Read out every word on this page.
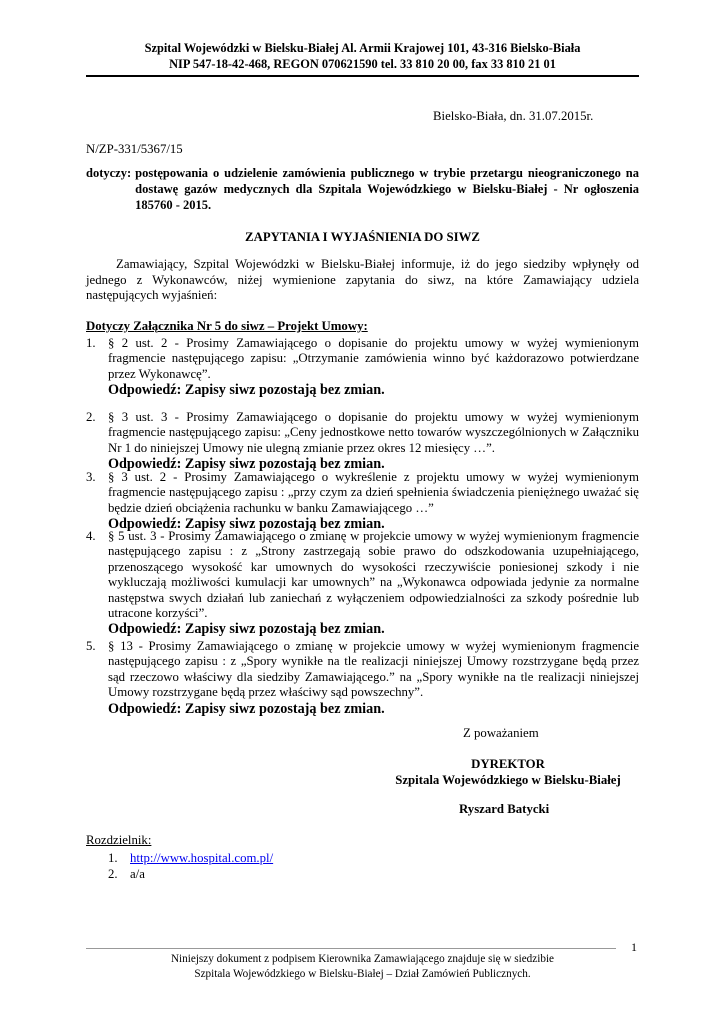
Szpital Wojewódzki w Bielsku-Białej Al. Armii Krajowej 101, 43-316 Bielsko-Biała
NIP 547-18-42-468, REGON 070621590 tel. 33 810 20 00, fax 33 810 21 01
Bielsko-Biała, dn. 31.07.2015r.
N/ZP-331/5367/15
dotyczy: postępowania o udzielenie zamówienia publicznego w trybie przetargu nieograniczonego na dostawę gazów medycznych dla Szpitala Wojewódzkiego w Bielsku-Białej - Nr ogłoszenia 185760 - 2015.
ZAPYTANIA I WYJAŚNIENIA DO SIWZ
Zamawiający, Szpital Wojewódzki w Bielsku-Białej informuje, iż do jego siedziby wpłynęły od jednego z Wykonawców, niżej wymienione zapytania do siwz, na które Zamawiający udziela następujących wyjaśnień:
Dotyczy Załącznika Nr 5 do siwz – Projekt Umowy:
1. § 2 ust. 2 - Prosimy Zamawiającego o dopisanie do projektu umowy w wyżej wymienionym fragmencie następującego zapisu: „Otrzymanie zamówienia winno być każdorazowo potwierdzane przez Wykonawcę”.
Odpowiedź: Zapisy siwz pozostają bez zmian.
2. § 3 ust. 3 - Prosimy Zamawiającego o dopisanie do projektu umowy w wyżej wymienionym fragmencie następującego zapisu: „Ceny jednostkowe netto towarów wyszczególnionych w Załączniku Nr 1 do niniejszej Umowy nie ulegną zmianie przez okres 12 miesięcy …”.
Odpowiedź: Zapisy siwz pozostają bez zmian.
3. § 3 ust. 2 - Prosimy Zamawiającego o wykreślenie z projektu umowy w wyżej wymienionym fragmencie następującego zapisu : „przy czym za dzień spełnienia świadczenia pieniężnego uważać się będzie dzień obciążenia rachunku w banku Zamawiającego …”
Odpowiedź: Zapisy siwz pozostają bez zmian.
4. § 5 ust. 3 - Prosimy Zamawiającego o zmianę w projekcie umowy w wyżej wymienionym fragmencie następującego zapisu : z „Strony zastrzegają sobie prawo do odszkodowania uzupełniającego, przenoszącego wysokość kar umownych do wysokości rzeczywiście poniesionej szkody i nie wykluczają możliwości kumulacji kar umownych” na „Wykonawca odpowiada jedynie za normalne następstwa swych działań lub zaniechań z wyłączeniem odpowiedzialności za szkody pośrednie lub utracone korzyści”.
Odpowiedź: Zapisy siwz pozostają bez zmian.
5. § 13 - Prosimy Zamawiającego o zmianę w projekcie umowy w wyżej wymienionym fragmencie następującego zapisu : z „Spory wynikłe na tle realizacji niniejszej Umowy rozstrzygane będą przez sąd rzeczowo właściwy dla siedziby Zamawiającego.” na „Spory wynikłe na tle realizacji niniejszej Umowy rozstrzygane będą przez właściwy sąd powszechny”.
Odpowiedź: Zapisy siwz pozostają bez zmian.
Z poważaniem
DYREKTOR
Szpitala Wojewódzkiego w Bielsku-Białej
Ryszard Batycki
Rozdzielnik:
1. http://www.hospital.com.pl/
2. a/a
1
Niniejszy dokument z podpisem Kierownika Zamawiającego znajduje się w siedzibie
Szpitala Wojewódzkiego w Bielsku-Białej – Dział Zamówień Publicznych.
